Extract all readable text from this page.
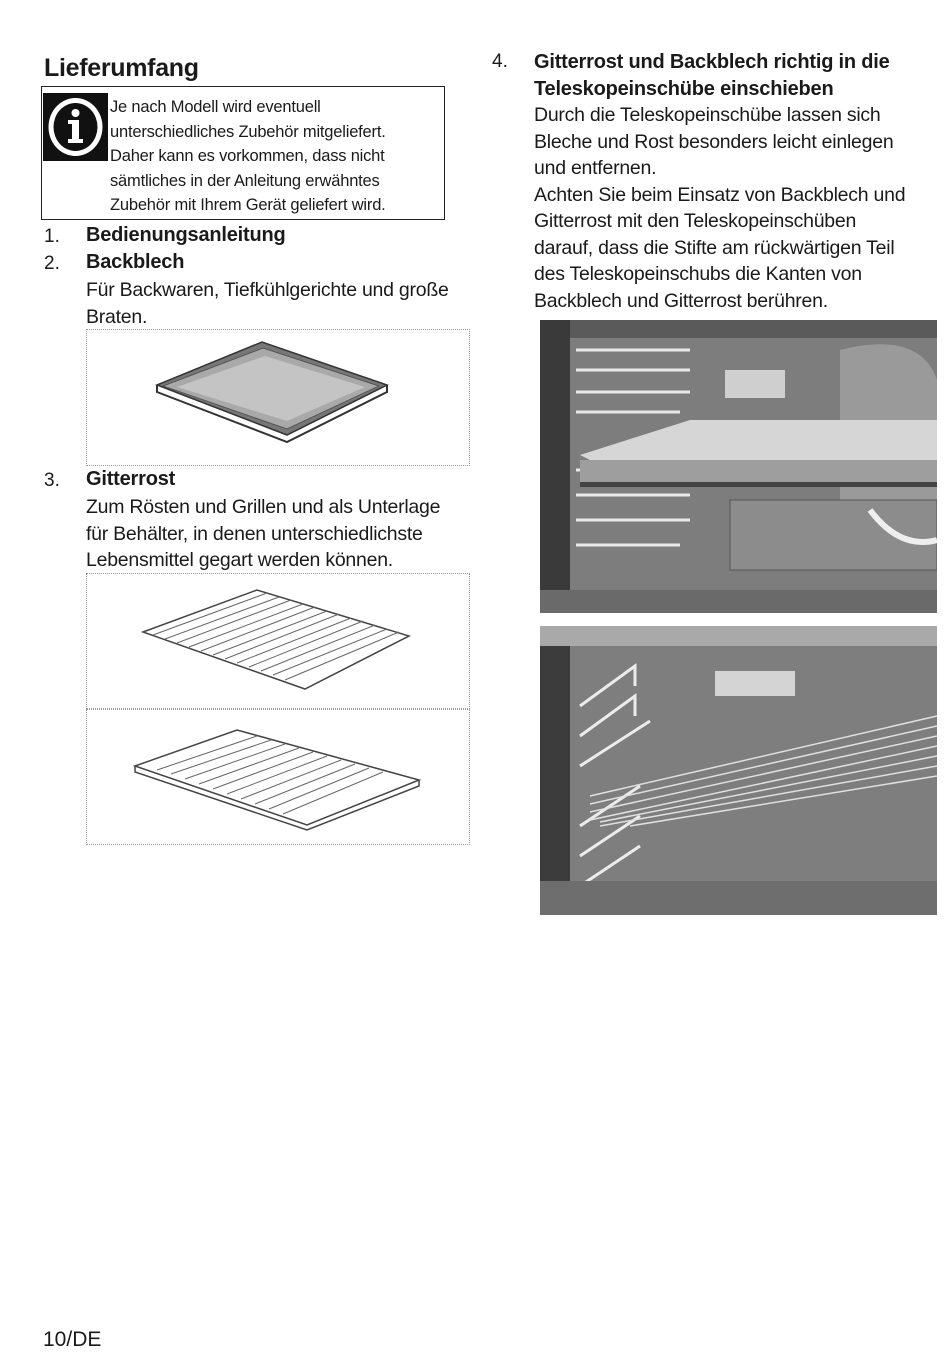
Lieferumfang
Je nach Modell wird eventuell
unterschiedliches Zubehör mitgeliefert.
Daher kann es vorkommen, dass nicht
sämtliches in der Anleitung erwähntes
Zubehör mit Ihrem Gerät geliefert wird.
1. Bedienungsanleitung
2. Backblech
Für Backwaren, Tiefkühlgerichte und große
Braten.
3. Gitterrost
Zum Rösten und Grillen und als Unterlage
für Behälter, in denen unterschiedlichste
Lebensmittel gegart werden können.
4. Gitterrost und Backblech richtig in die
Teleskopeinschübe einschieben
Durch die Teleskopeinschübe lassen sich
Bleche und Rost besonders leicht einlegen
und entfernen.
Achten Sie beim Einsatz von Backblech und
Gitterrost mit den Teleskopeinschüben
darauf, dass die Stifte am rückwärtigen Teil
des Teleskopeinschubs die Kanten von
Backblech und Gitterrost berühren.
10/DE
